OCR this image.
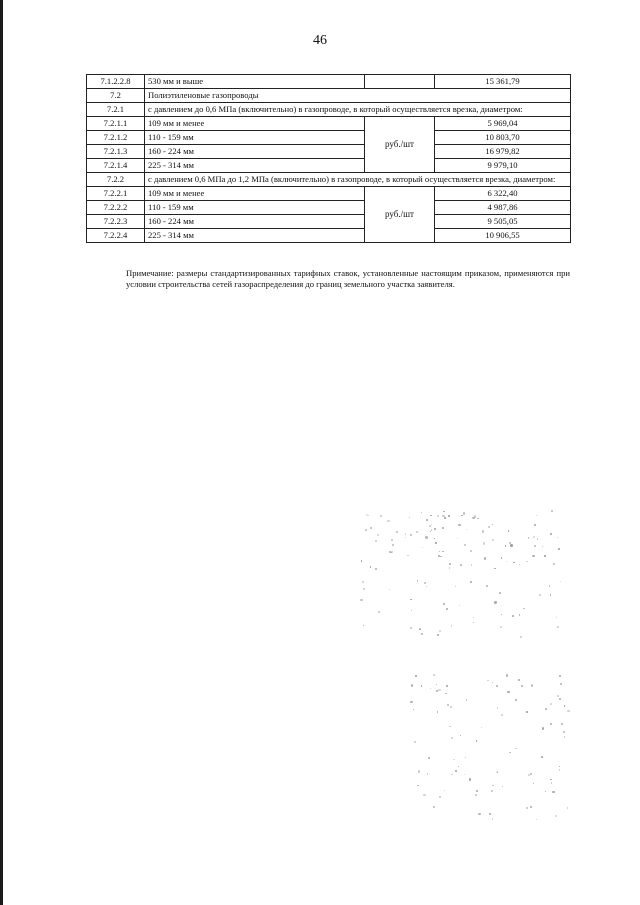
46
7.1.2.2.8	530 мм и выше		15 361,79
7.2	Полиэтиленовые газопроводы		
7.2.1	с давлением до 0,6 МПа (включительно) в газопроводе, в который осуществляется врезка, диаметром:		
7.2.1.1	109 мм и менее	руб./шт	5 969,04
7.2.1.2	110 - 159 мм		10 803,70
7.2.1.3	160 - 224 мм		16 979,82
7.2.1.4	225 - 314 мм		9 979,10
7.2.2	с давлением 0,6 МПа до 1,2 МПа (включительно) в газопроводе, в который осуществляется врезка, диаметром:		
7.2.2.1	109 мм и менее	руб./шт	6 322,40
7.2.2.2	110 - 159 мм		4 987,86
7.2.2.3	160 - 224 мм		9 505,05
7.2.2.4	225 - 314 мм		10 906,55
Примечание: размеры стандартизированных тарифных ставок, установленные настоящим приказом, применяются при условии строительства сетей газораспределения до границ земельного участка заявителя.
